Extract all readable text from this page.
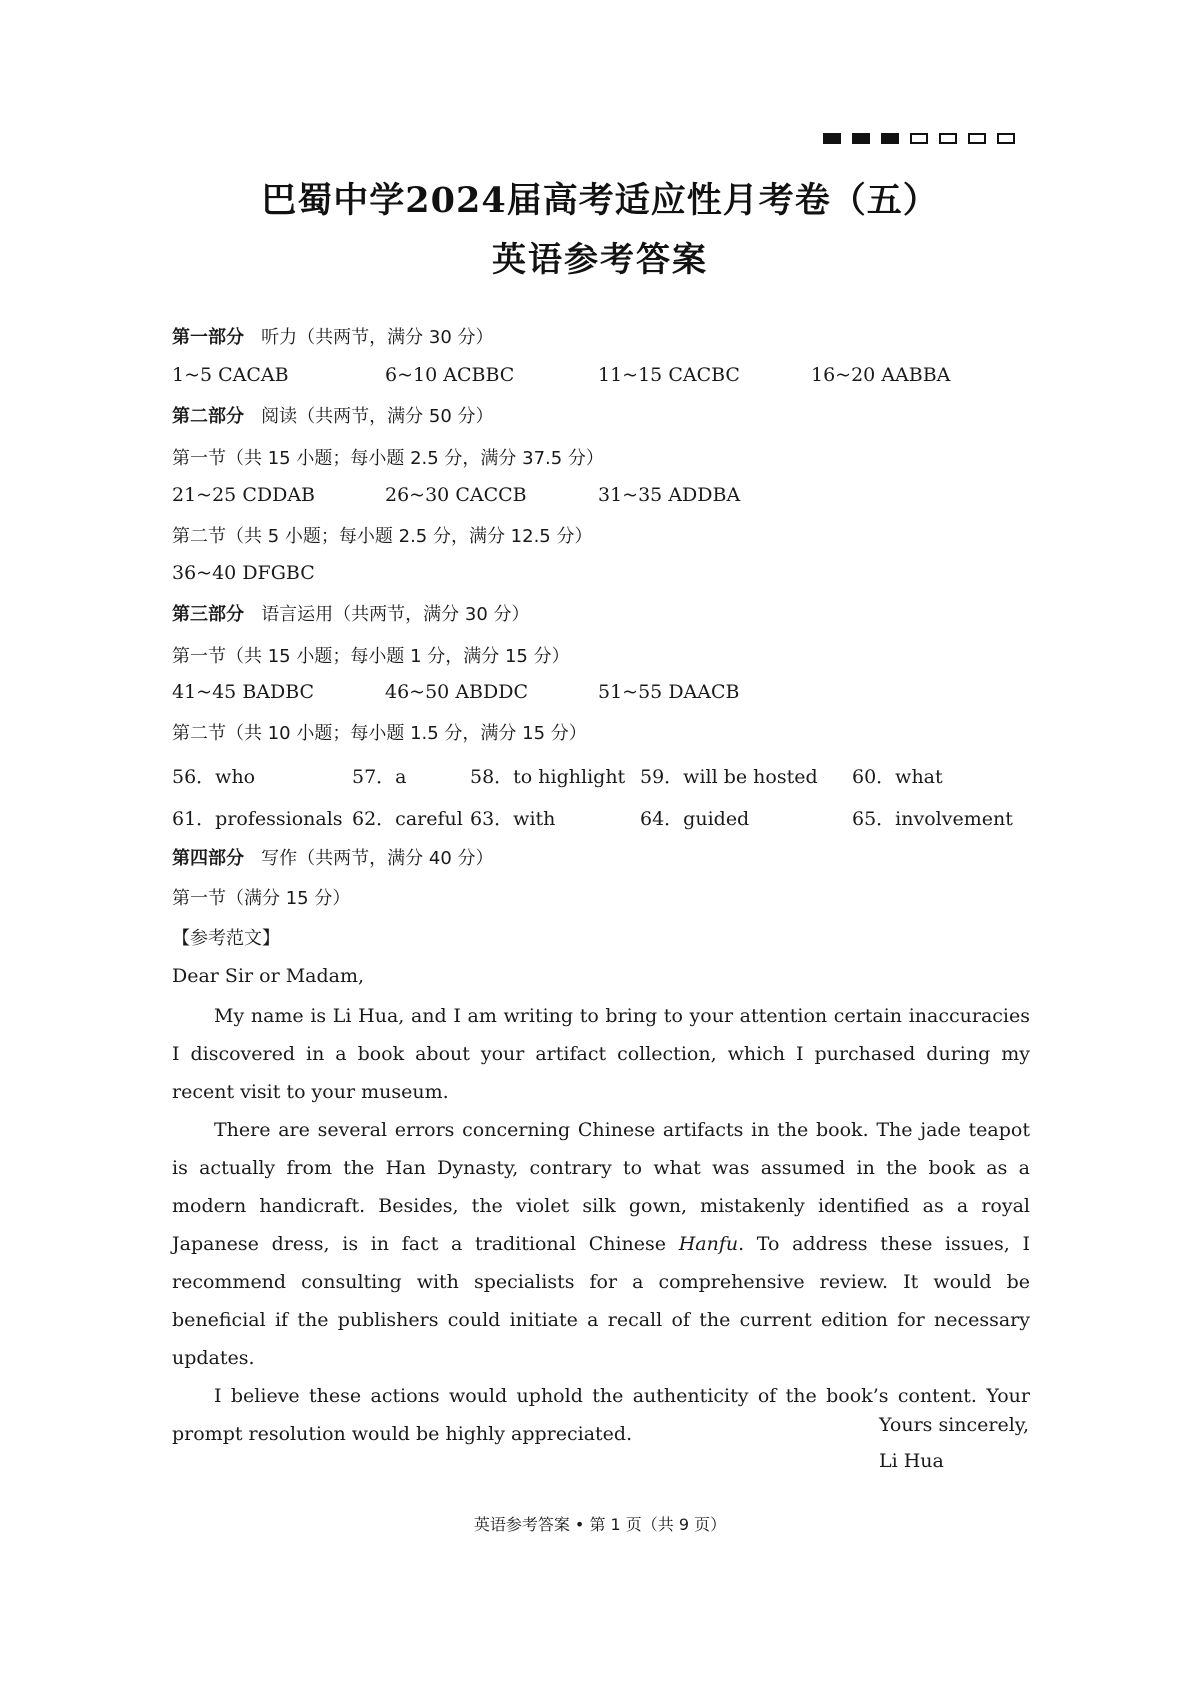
巴蜀中学2024届高考适应性月考卷（五）
英语参考答案
第一部分 听力（共两节，满分 30 分）
1~5 CACAB	6~10 ACBBC	11~15 CACBC	16~20 AABBA
第二部分 阅读（共两节，满分 50 分）
第一节（共 15 小题；每小题 2.5 分，满分 37.5 分）
21~25 CDDAB	26~30 CACCB	31~35 ADDBA
第二节（共 5 小题；每小题 2.5 分，满分 12.5 分）
36~40 DFGBC
第三部分 语言运用（共两节，满分 30 分）
第一节（共 15 小题；每小题 1 分，满分 15 分）
41~45 BADBC	46~50 ABDDC	51~55 DAACB
第二节（共 10 小题；每小题 1.5 分，满分 15 分）
56．who	57．a	58．to highlight 59．will be hosted 60．what
61．professionals 62．careful 63．with	64．guided	65．involvement
第四部分 写作（共两节，满分 40 分）
第一节（满分 15 分）
【参考范文】
Dear Sir or Madam,

My name is Li Hua, and I am writing to bring to your attention certain inaccuracies I discovered in a book about your artifact collection, which I purchased during my recent visit to your museum.

There are several errors concerning Chinese artifacts in the book. The jade teapot is actually from the Han Dynasty, contrary to what was assumed in the book as a modern handicraft. Besides, the violet silk gown, mistakenly identified as a royal Japanese dress, is in fact a traditional Chinese Hanfu. To address these issues, I recommend consulting with specialists for a comprehensive review. It would be beneficial if the publishers could initiate a recall of the current edition for necessary updates.

I believe these actions would uphold the authenticity of the book’s content. Your prompt resolution would be highly appreciated.	Yours sincerely,
Li Hua
英语参考答案 • 第 1 页（共 9 页）
